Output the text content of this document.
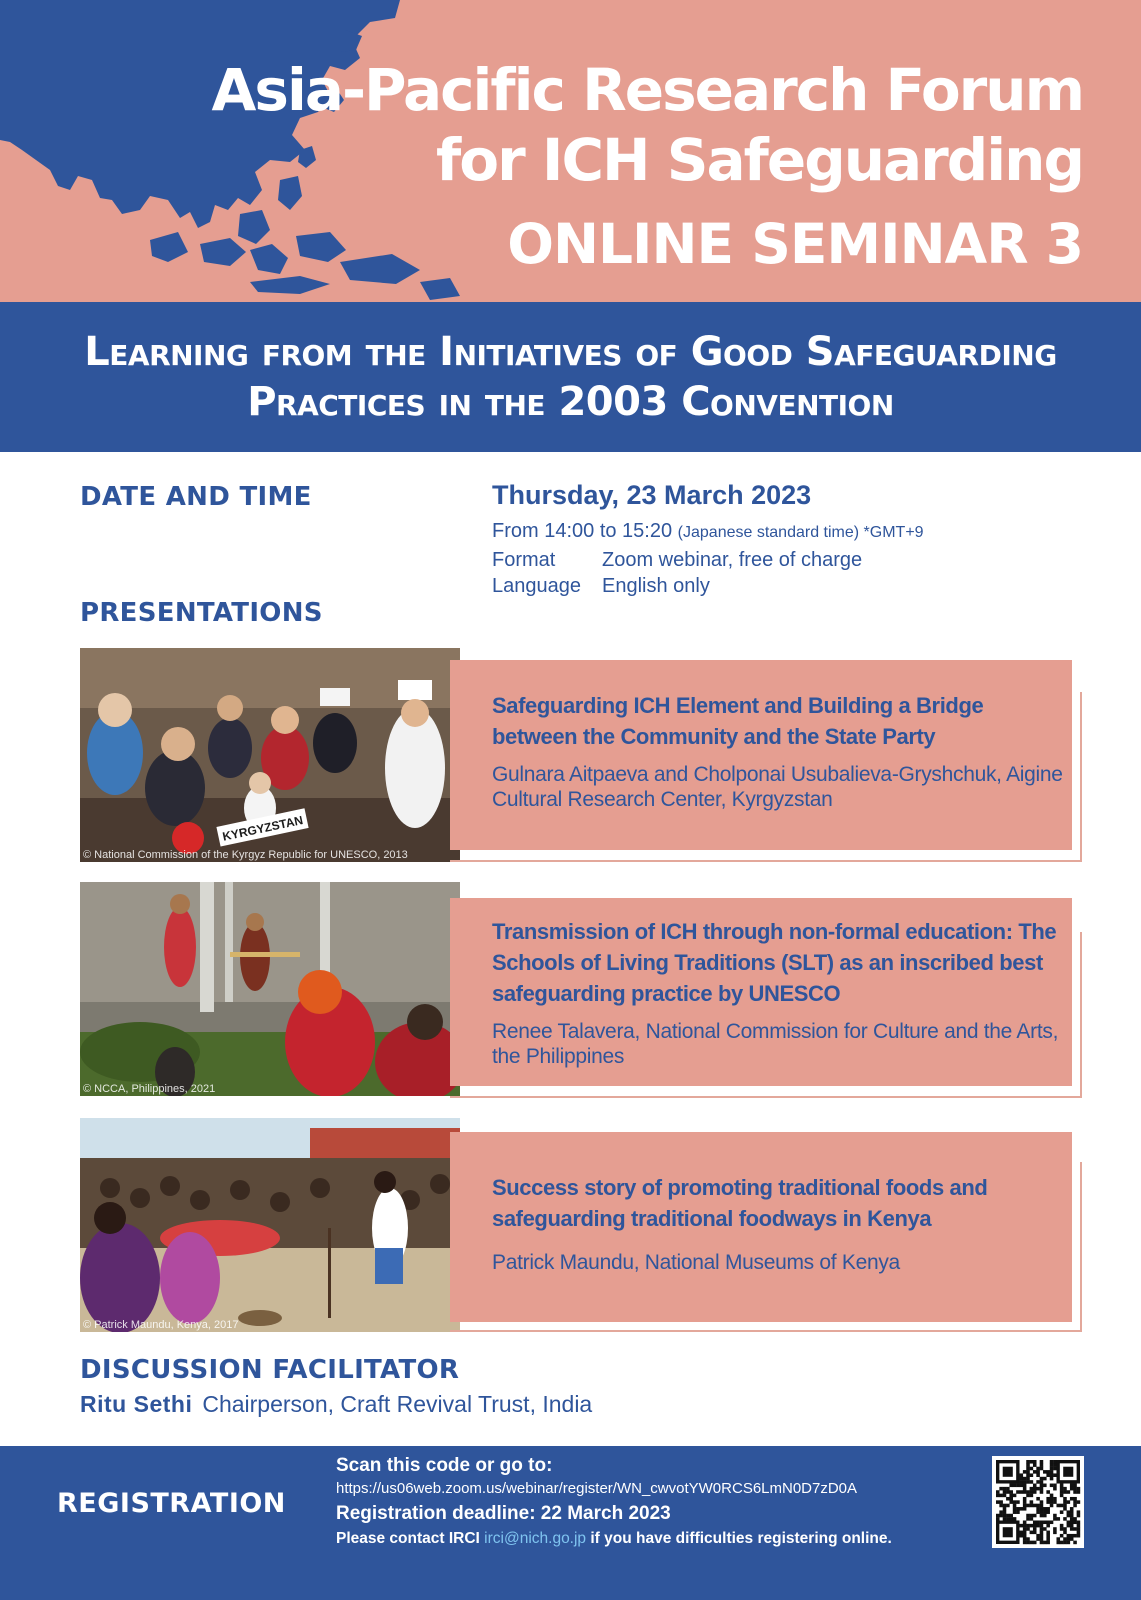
Asia-Pacific Research Forum
for ICH Safeguarding
ONLINE SEMINAR 3
Learning from the Initiatives of Good Safeguarding
Practices in the 2003 Convention
DATE AND TIME	Thursday, 23 March 2023
From 14:00 to 15:20 (Japanese standard time) *GMT+9
Format Zoom webinar, free of charge
Language English only
PRESENTATIONS
KYRGYZSTAN
© National Commission of the Kyrgyz Republic for UNESCO, 2013
Safeguarding ICH Element and Building a Bridge between the Community and the State Party
Gulnara Aitpaeva and Cholponai Usubalieva-Gryshchuk, Aigine Cultural Research Center, Kyrgyzstan
© NCCA, Philippines, 2021
Transmission of ICH through non-formal education: The Schools of Living Traditions (SLT) as an inscribed best safeguarding practice by UNESCO
Renee Talavera, National Commission for Culture and the Arts, the Philippines
© Patrick Maundu, Kenya, 2017
Success story of promoting traditional foods and safeguarding traditional foodways in Kenya
Patrick Maundu, National Museums of Kenya
DISCUSSION FACILITATOR
Ritu Sethi Chairperson, Craft Revival Trust, India
REGISTRATION
Scan this code or go to:
https://us06web.zoom.us/webinar/register/WN_cwvotYW0RCS6LmN0D7zD0A
Registration deadline: 22 March 2023
Please contact IRCI irci@nich.go.jp if you have difficulties registering online.
